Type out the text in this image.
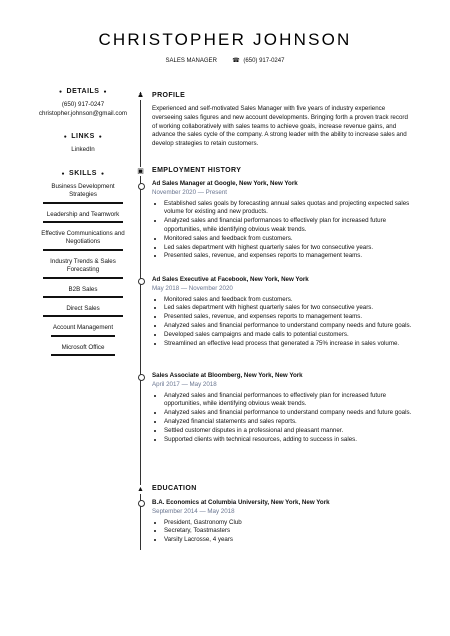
CHRISTOPHER JOHNSON
SALES MANAGER	☎ (650) 917-0247
● DETAILS ●
(650) 917-0247
christopher.johnson@gmail.com
● LINKS ●
LinkedIn
● SKILLS ●
Business Development Strategies
Leadership and Teamwork
Effective Communications and Negotiations
Industry Trends & Sales Forecasting
B2B Sales
Direct Sales
Account Management
Microsoft Office
♟
▣
▲
PROFILE
Experienced and self-motivated Sales Manager with five years of industry experience overseeing sales figures and new account developments. Bringing forth a proven track record of working collaboratively with sales teams to achieve goals, increase revenue gains, and advance the sales cycle of the company. A strong leader with the ability to increase sales and develop strategies to retain customers.
EMPLOYMENT HISTORY
Ad Sales Manager at Google, New York, New York
November 2020 — Present
• Established sales goals by forecasting annual sales quotas and projecting expected sales volume for existing and new products.
• Analyzed sales and financial performances to effectively plan for increased future opportunities, while identifying obvious weak trends.
• Monitored sales and feedback from customers.
• Led sales department with highest quarterly sales for two consecutive years.
• Presented sales, revenue, and expenses reports to management teams.
Ad Sales Executive at Facebook, New York, New York
May 2018 — November 2020
• Monitored sales and feedback from customers.
• Led sales department with highest quarterly sales for two consecutive years.
• Presented sales, revenue, and expenses reports to management teams.
• Analyzed sales and financial performance to understand company needs and future goals.
• Developed sales campaigns and made calls to potential customers.
• Streamlined an effective lead process that generated a 75% increase in sales volume.
Sales Associate at Bloomberg, New York, New York
April 2017 — May 2018
• Analyzed sales and financial performances to effectively plan for increased future opportunities, while identifying obvious weak trends.
• Analyzed sales and financial performance to understand company needs and future goals.
• Analyzed financial statements and sales reports.
• Settled customer disputes in a professional and pleasant manner.
• Supported clients with technical resources, adding to success in sales.
EDUCATION
B.A. Economics at Columbia University, New York, New York
September 2014 — May 2018
• President, Gastronomy Club
• Secretary, Toastmasters
• Varsity Lacrosse, 4 years
